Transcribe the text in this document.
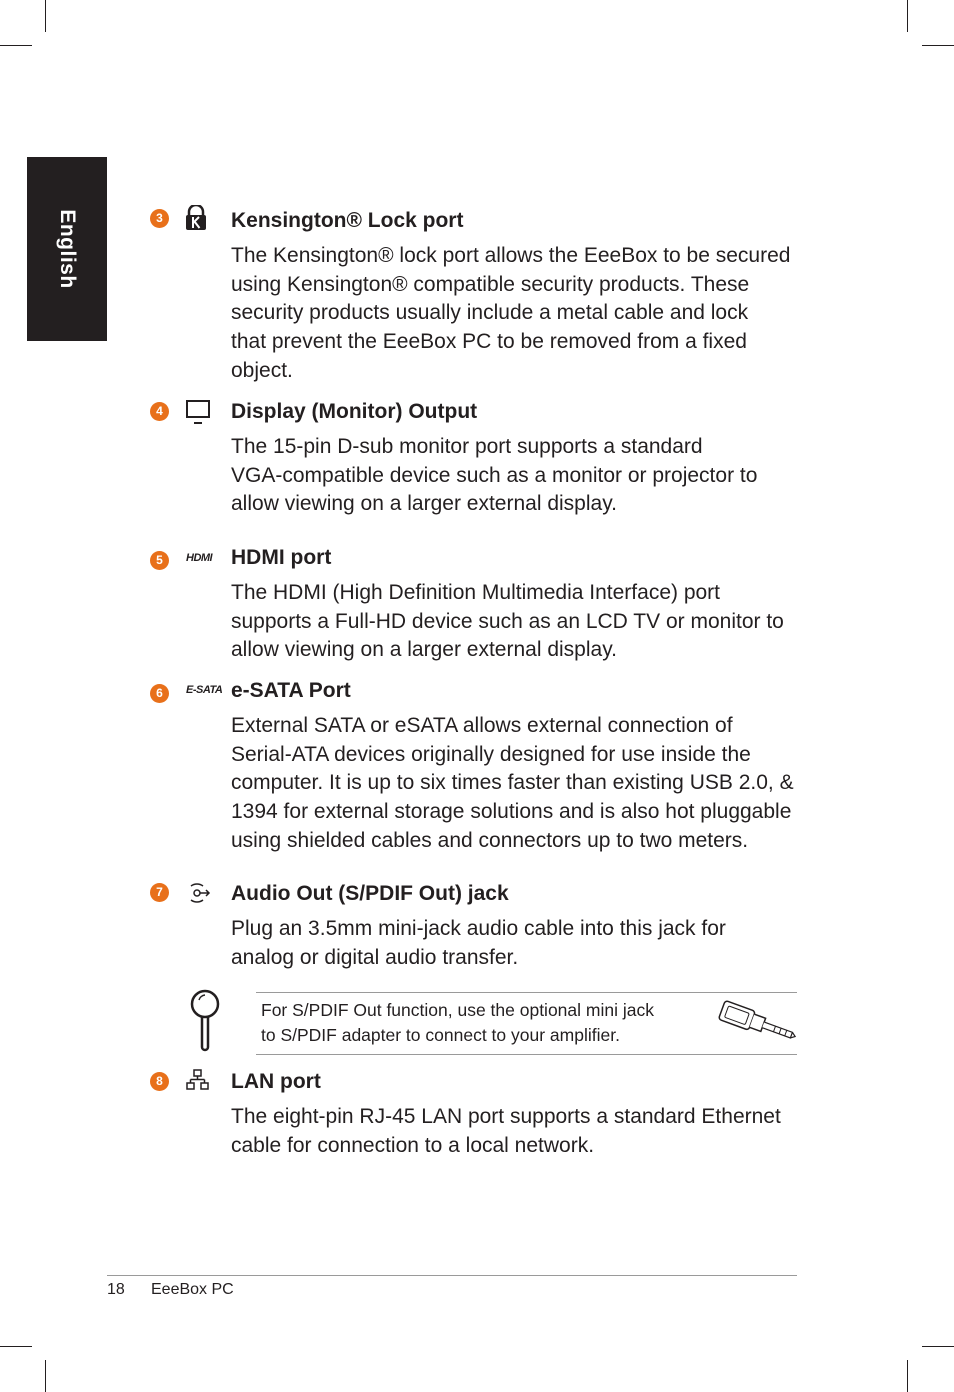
English	3	Kensington® Lock port
The Kensington® lock port allows the EeeBox to be secured
using Kensington® compatible security products. These
security products usually include a metal cable and lock
that prevent the EeeBox PC to be removed from a fixed
object.
4	Display (Monitor) Output
The 15-pin D-sub monitor port supports a standard
VGA-compatible device such as a monitor or projector to
allow viewing on a larger external display.
5	HDMI HDMI port
The HDMI (High Definition Multimedia Interface) port
supports a Full-HD device such as an LCD TV or monitor to
allow viewing on a larger external display.
6	E-SATA e-SATA Port
External SATA or eSATA allows external connection of
Serial-ATA devices originally designed for use inside the
computer. It is up to six times faster than existing USB 2.0, &
1394 for external storage solutions and is also hot pluggable
using shielded cables and connectors up to two meters.
7	Audio Out (S/PDIF Out) jack
Plug an 3.5mm mini-jack audio cable into this jack for
analog or digital audio transfer.
For S/PDIF Out function, use the optional mini jack
to S/PDIF adapter to connect to your amplifier.
8	LAN port
The eight-pin RJ-45 LAN port supports a standard Ethernet
cable for connection to a local network.
18 EeeBox PC
